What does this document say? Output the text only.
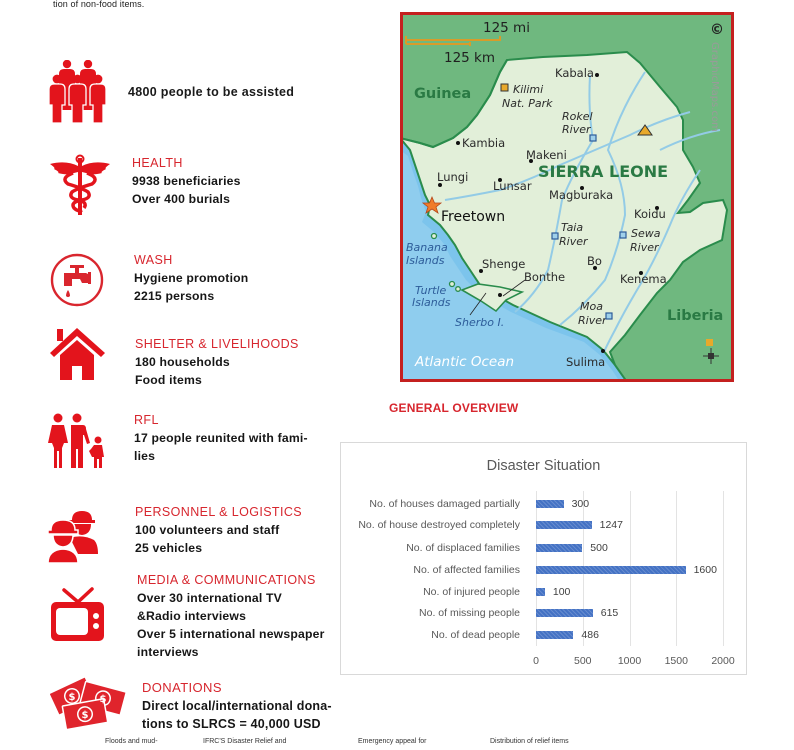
tion of non-food items.
4800 people to be assisted
HEALTH
9938 beneficiaries
Over 400 burials
WASH
Hygiene promotion
2215 persons
SHELTER & LIVELIHOODS
180 households
Food items
RFL
17 people reunited with fami-
lies
PERSONNEL & LOGISTICS
100 volunteers and staff
25 vehicles
MEDIA & COMMUNICATIONS
Over 30 international TV
&Radio interviews
Over 5 international newspaper
interviews
$ $
$
DONATIONS
Direct local/international dona-
tions to SLRCS = 40,000 USD
125 mi
125 km
©
GraphicMaps.com
Guinea
SIERRA LEONE
Liberia
Kilimi
Nat. Park
Rokel
River
Taia
River
Sewa
River
Moa
River
Banana
Islands
Turtle
Islands
Sherbo I.
Atlantic Ocean
Kabala
Kambia
Makeni
Lungi
Lunsar
Magburaka
Freetown	Koidu
Shenge
Bonthe
Bo
Kenema
Sulima
GENERAL OVERVIEW
Disaster Situation
0	500	1000 1500 2000
No. of houses damaged partially	300
No. of house destroyed completely	1247
No. of displaced families	500
No. of affected families	1600
No. of injured people	100
No. of missing people	615
No. of dead people	486
Floods and mud-	IFRC'S Disaster Relief and	Emergency appeal for	Distribution of relief items
